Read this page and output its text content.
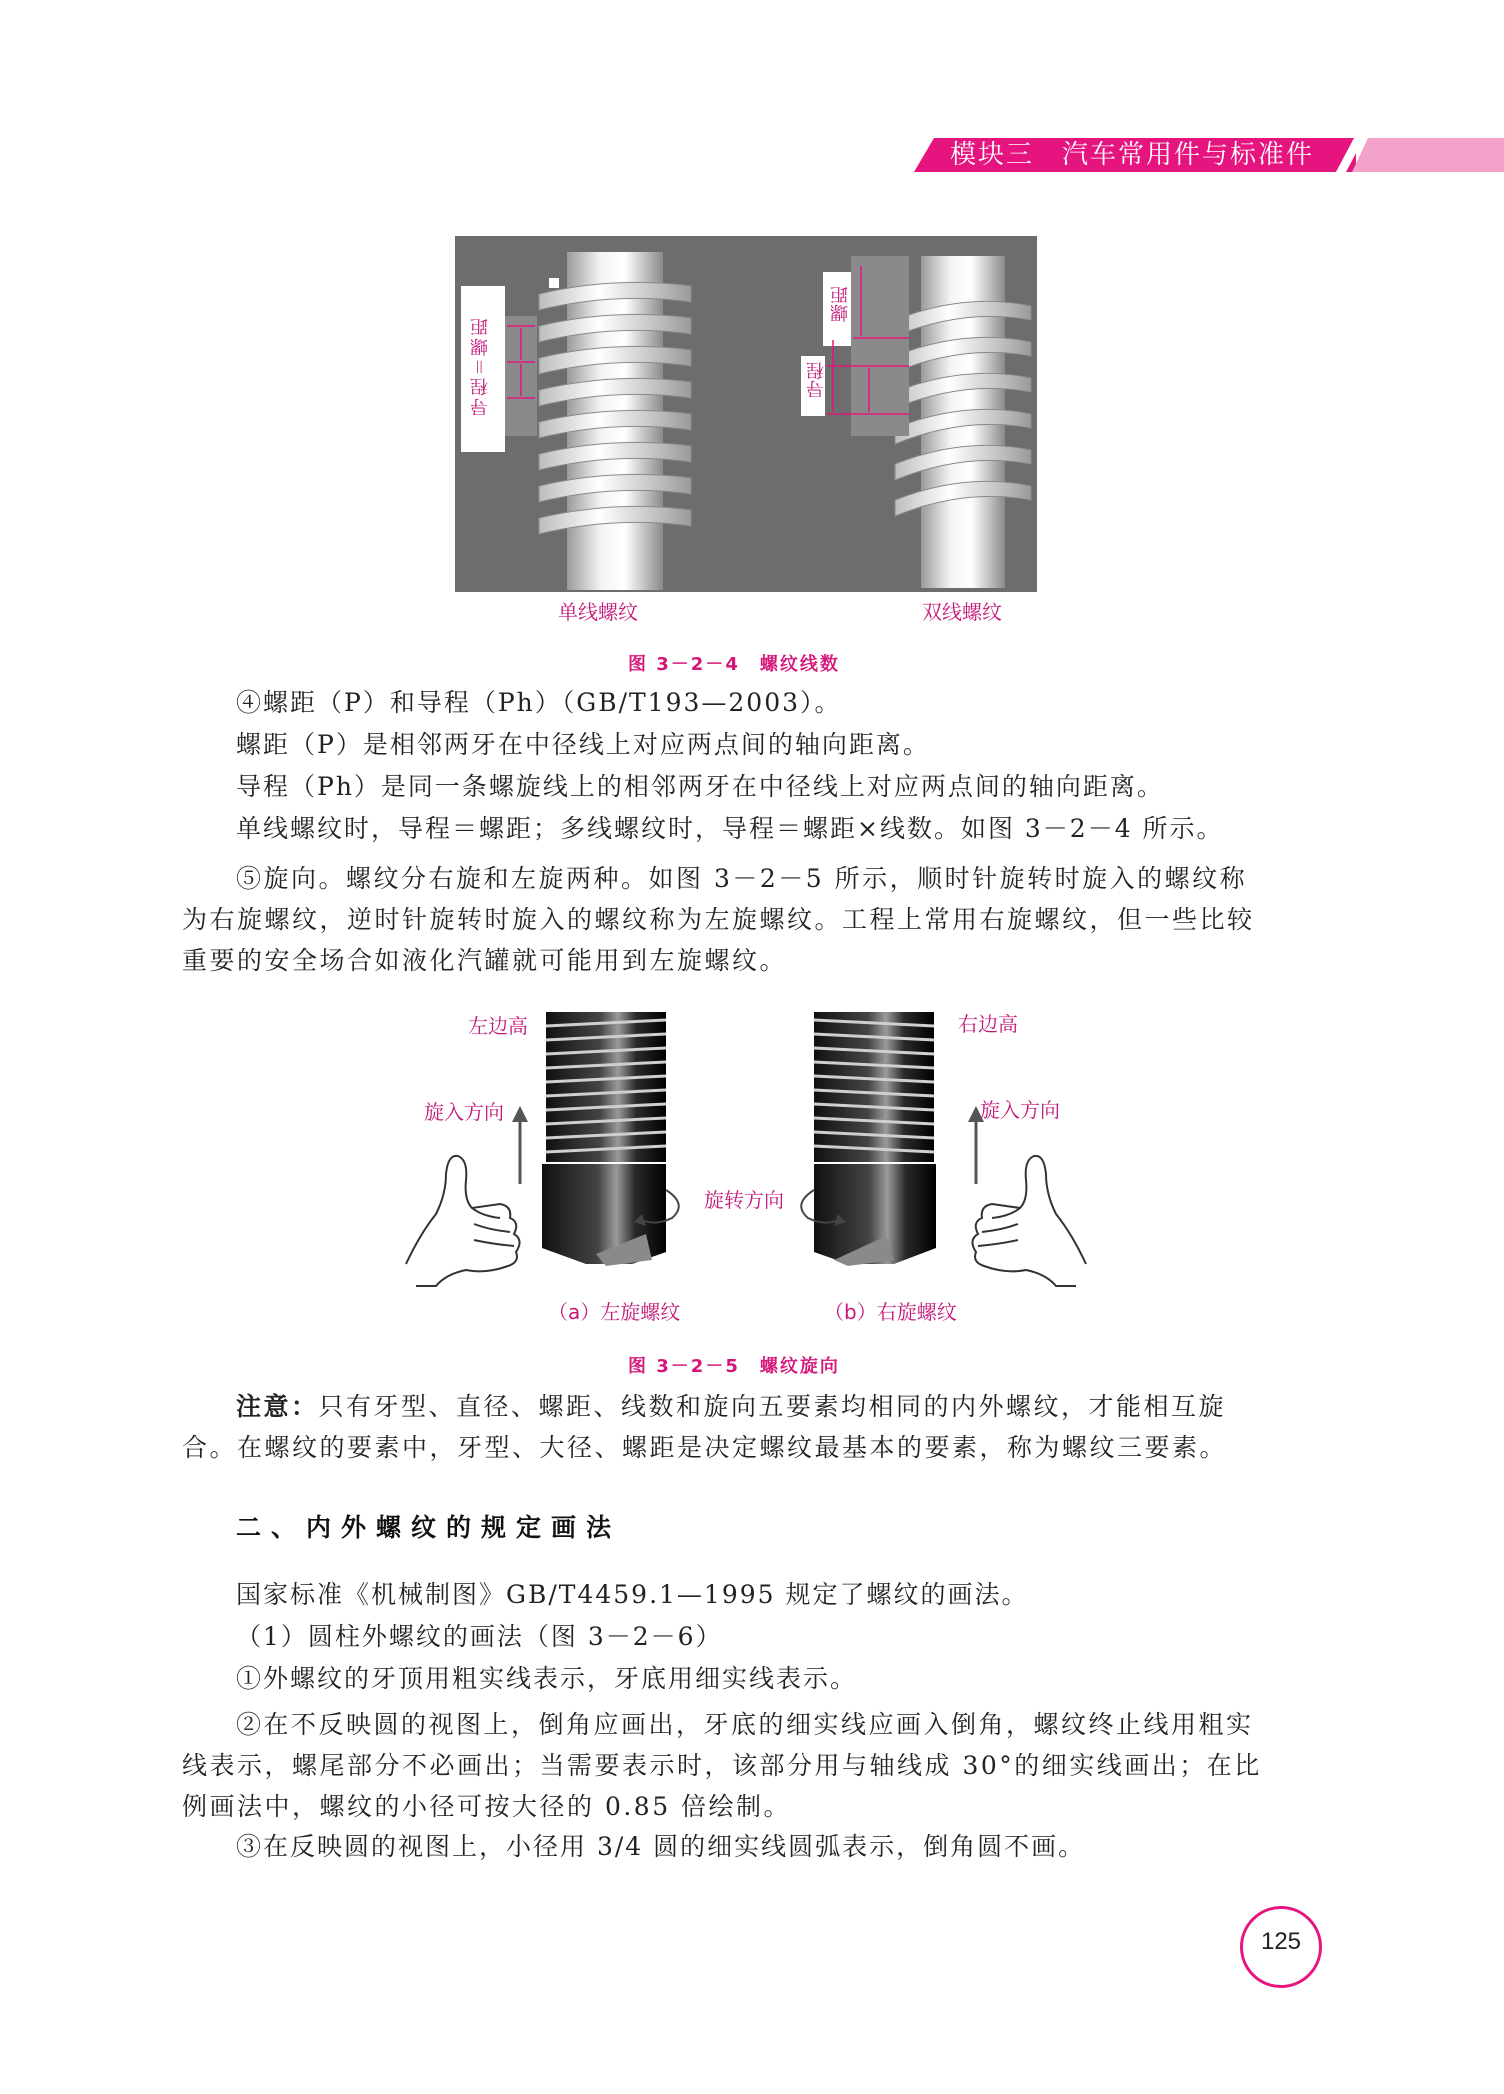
模块三　汽车常用件与标准件
导程＝螺距
螺距
导程
单线螺纹	双线螺纹
图 3－2－4　螺纹线数
④螺距（P）和导程（Ph）（GB/T193—2003）。
螺距（P）是相邻两牙在中径线上对应两点间的轴向距离。
导程（Ph）是同一条螺旋线上的相邻两牙在中径线上对应两点间的轴向距离。
单线螺纹时，导程＝螺距；多线螺纹时，导程＝螺距×线数。如图 3－2－4 所示。
⑤旋向。螺纹分右旋和左旋两种。如图 3－2－5 所示，顺时针旋转时旋入的螺纹称为右旋螺纹，逆时针旋转时旋入的螺纹称为左旋螺纹。工程上常用右旋螺纹，但一些比较重要的安全场合如液化汽罐就可能用到左旋螺纹。
左边高	右边高
旋入方向	旋入方向
旋转方向
（a）左旋螺纹	（b）右旋螺纹
图 3－2－5　螺纹旋向
注意：只有牙型、直径、螺距、线数和旋向五要素均相同的内外螺纹，才能相互旋合。在螺纹的要素中，牙型、大径、螺距是决定螺纹最基本的要素，称为螺纹三要素。
二、内外螺纹的规定画法
国家标准《机械制图》GB/T4459.1—1995 规定了螺纹的画法。
（1）圆柱外螺纹的画法（图 3－2－6）
①外螺纹的牙顶用粗实线表示，牙底用细实线表示。
②在不反映圆的视图上，倒角应画出，牙底的细实线应画入倒角，螺纹终止线用粗实线表示，螺尾部分不必画出；当需要表示时，该部分用与轴线成 30°的细实线画出；在比例画法中，螺纹的小径可按大径的 0.85 倍绘制。
③在反映圆的视图上，小径用 3/4 圆的细实线圆弧表示，倒角圆不画。
125
